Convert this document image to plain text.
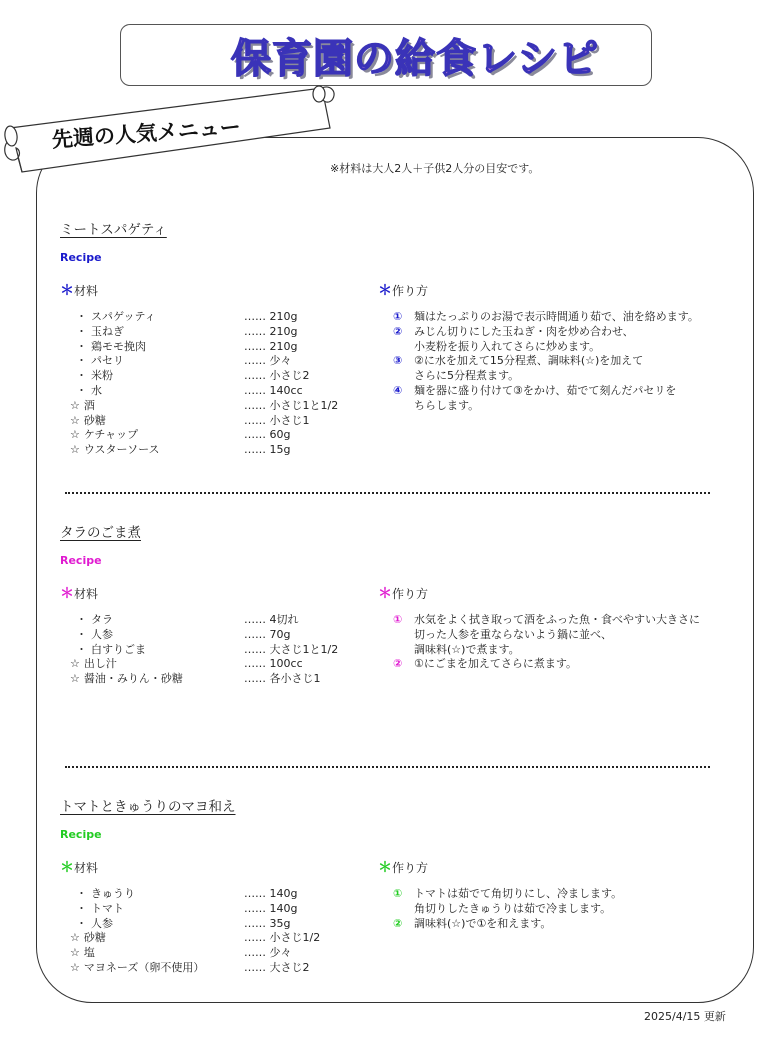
保育園の給食レシピ
先週の人気メニュー
※材料は大人2人＋子供2人分の目安です。
ミートスパゲティ
Recipe
＊材料	＊作り方
・ スパゲッティ	‥‥‥ 210g
・ 玉ねぎ	‥‥‥ 210g
・ 鶏モモ挽肉	‥‥‥ 210g
・ パセリ	‥‥‥ 少々
・ 米粉	‥‥‥ 小さじ2
・ 水	‥‥‥ 140cc
☆ 酒	‥‥‥ 小さじ1と1/2
☆ 砂糖	‥‥‥ 小さじ1
☆ ケチャップ	‥‥‥ 60g
☆ ウスターソース	‥‥‥ 15g
① 麺はたっぷりのお湯で表示時間通り茹で、油を絡めます。
② みじん切りにした玉ねぎ・肉を炒め合わせ、
小麦粉を振り入れてさらに炒めます。
③ ②に水を加えて15分程煮、調味料(☆)を加えて
さらに5分程煮ます。
④ 麺を器に盛り付けて③をかけ、茹でて刻んだパセリを
ちらします。
タラのごま煮
Recipe
＊材料	＊作り方
・ タラ	‥‥‥ 4切れ
・ 人参	‥‥‥ 70g
・ 白すりごま	‥‥‥ 大さじ1と1/2
☆ 出し汁	‥‥‥ 100cc
☆ 醤油・みりん・砂糖	‥‥‥ 各小さじ1
① 水気をよく拭き取って酒をふった魚・食べやすい大きさに
切った人参を重ならないよう鍋に並べ、
調味料(☆)で煮ます。
② ①にごまを加えてさらに煮ます。
トマトときゅうりのマヨ和え
Recipe
＊材料	＊作り方
・ きゅうり	‥‥‥ 140g
・ トマト	‥‥‥ 140g
・ 人参	‥‥‥ 35g
☆ 砂糖	‥‥‥ 小さじ1/2
☆ 塩	‥‥‥ 少々
☆ マヨネーズ（卵不使用）	‥‥‥ 大さじ2
① トマトは茹でて角切りにし、冷まします。
角切りしたきゅうりは茹で冷まします。
② 調味料(☆)で①を和えます。
2025/4/15 更新
